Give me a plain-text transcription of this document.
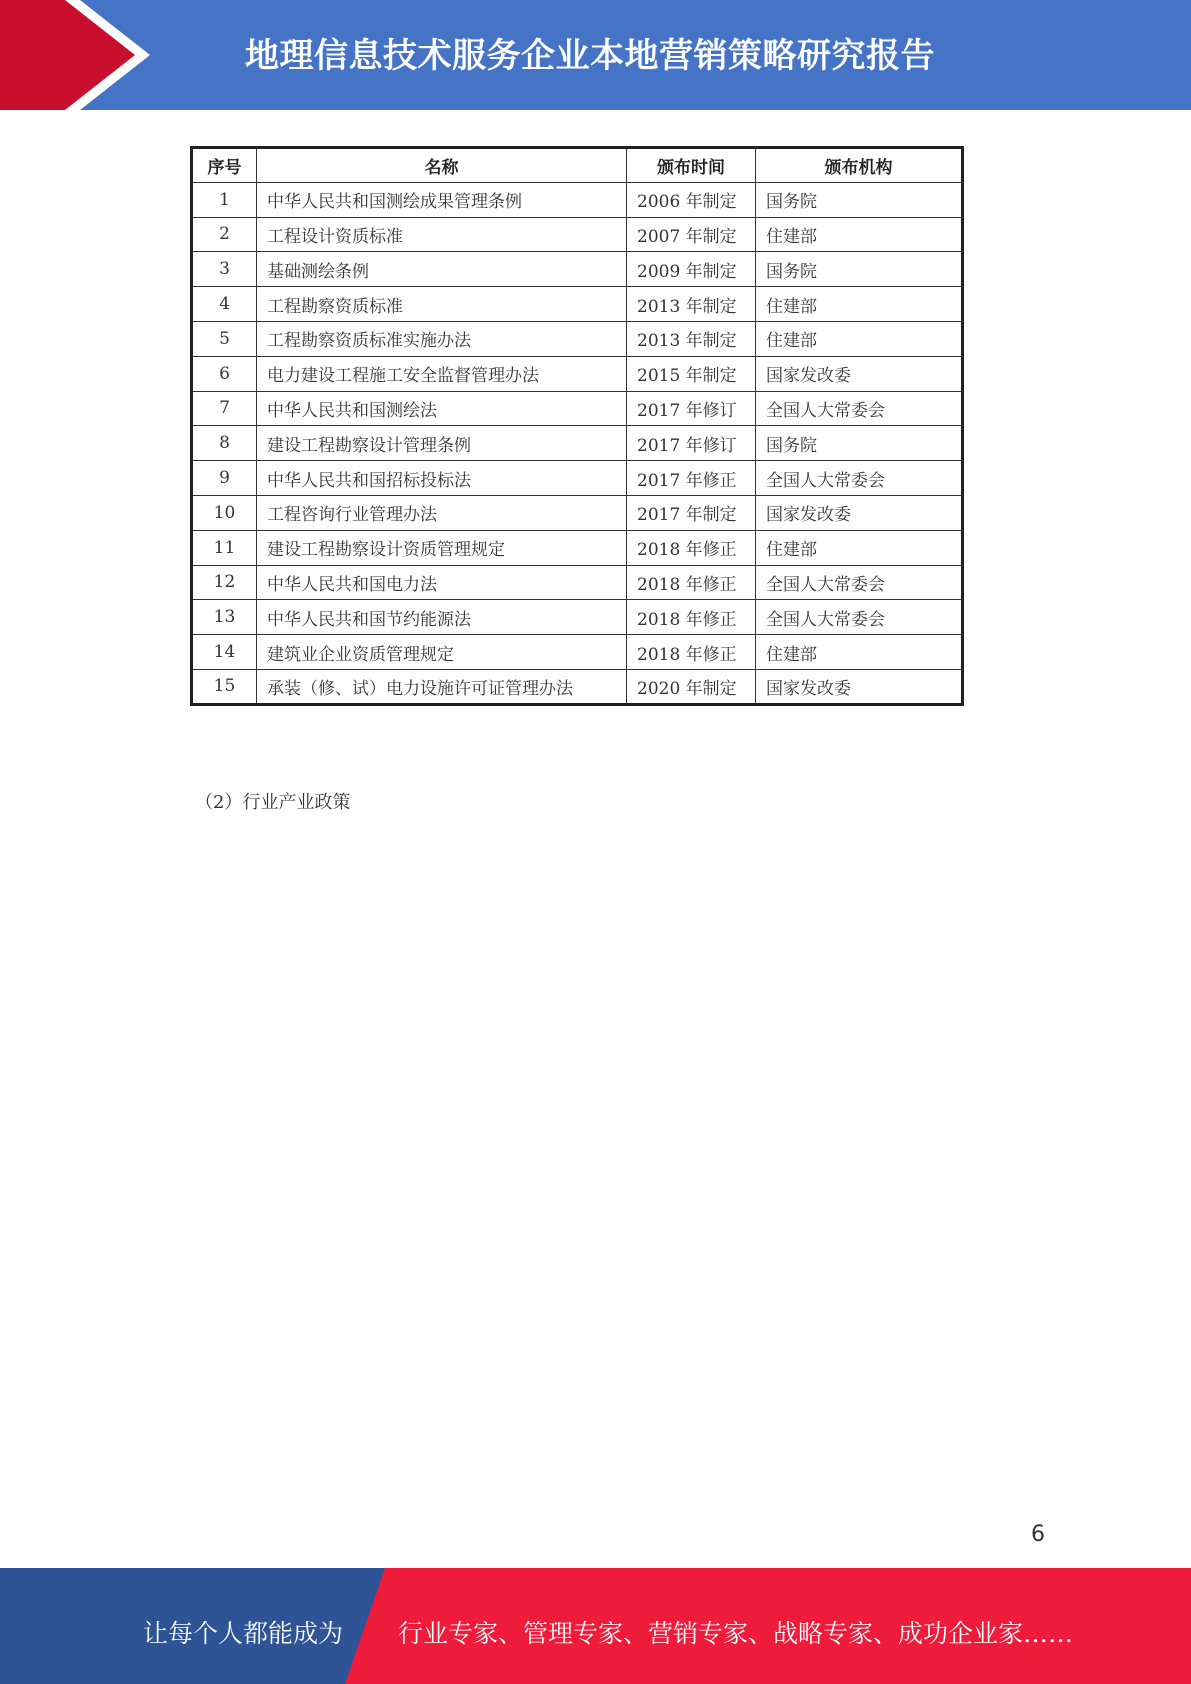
地理信息技术服务企业本地营销策略研究报告
序号	名称	颁布时间	颁布机构
1	中华人民共和国测绘成果管理条例	2006 年制定	国务院
2	工程设计资质标准	2007 年制定	住建部
3	基础测绘条例	2009 年制定	国务院
4	工程勘察资质标准	2013 年制定	住建部
5	工程勘察资质标准实施办法	2013 年制定	住建部
6	电力建设工程施工安全监督管理办法	2015 年制定	国家发改委
7	中华人民共和国测绘法	2017 年修订	全国人大常委会
8	建设工程勘察设计管理条例	2017 年修订	国务院
9	中华人民共和国招标投标法	2017 年修正	全国人大常委会
10	工程咨询行业管理办法	2017 年制定	国家发改委
11	建设工程勘察设计资质管理规定	2018 年修正	住建部
12	中华人民共和国电力法	2018 年修正	全国人大常委会
13	中华人民共和国节约能源法	2018 年修正	全国人大常委会
14	建筑业企业资质管理规定	2018 年修正	住建部
15	承装（修、试）电力设施许可证管理办法	2020 年制定	国家发改委
（2）行业产业政策
6
让每个人都能成为 行业专家、管理专家、营销专家、战略专家、成功企业家……
